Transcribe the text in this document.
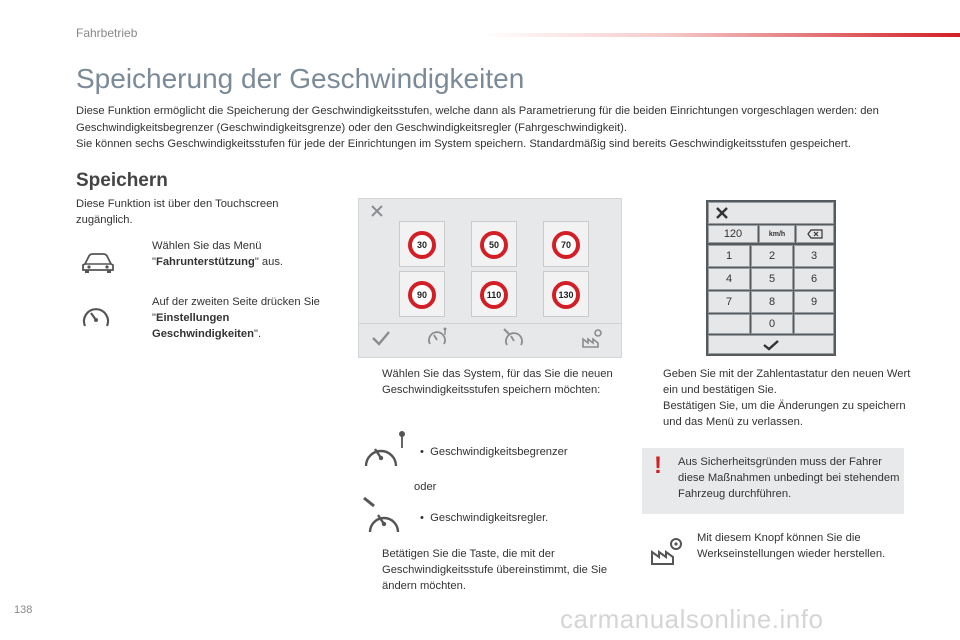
Fahrbetrieb
Speicherung der Geschwindigkeiten

Diese Funktion ermöglicht die Speicherung der Geschwindigkeitsstufen, welche dann als Parametrierung für die beiden Einrichtungen vorgeschlagen werden: den Geschwindigkeitsbegrenzer (Geschwindigkeitsgrenze) oder den Geschwindigkeitsregler (Fahrgeschwindigkeit).

Sie können sechs Geschwindigkeitsstufen für jede der Einrichtungen im System speichern. Standardmäßig sind bereits Geschwindigkeitsstufen gespeichert.

Speichern
Diese Funktion ist über den Touchscreen zugänglich.
Wählen Sie das Menü "Fahrunterstützung" aus.
Auf der zweiten Seite drücken Sie "Einstellungen Geschwindigkeiten".
30	50	70
90	110	130
Wählen Sie das System, für das Sie die neuen Geschwindigkeitsstufen speichern möchten:
• Geschwindigkeitsbegrenzer
oder
• Geschwindigkeitsregler.
Betätigen Sie die Taste, die mit der Geschwindigkeitsstufe übereinstimmt, die Sie ändern möchten.
120	km/h
1	2	3
4	5	6
7	8	9
0
Geben Sie mit der Zahlentastatur den neuen Wert ein und bestätigen Sie.
Bestätigen Sie, um die Änderungen zu speichern und das Menü zu verlassen.
! Aus Sicherheitsgründen muss der Fahrer diese Maßnahmen unbedingt bei stehendem Fahrzeug durchführen.
Mit diesem Knopf können Sie die Werkseinstellungen wieder herstellen.
138	carmanualsonline.info
